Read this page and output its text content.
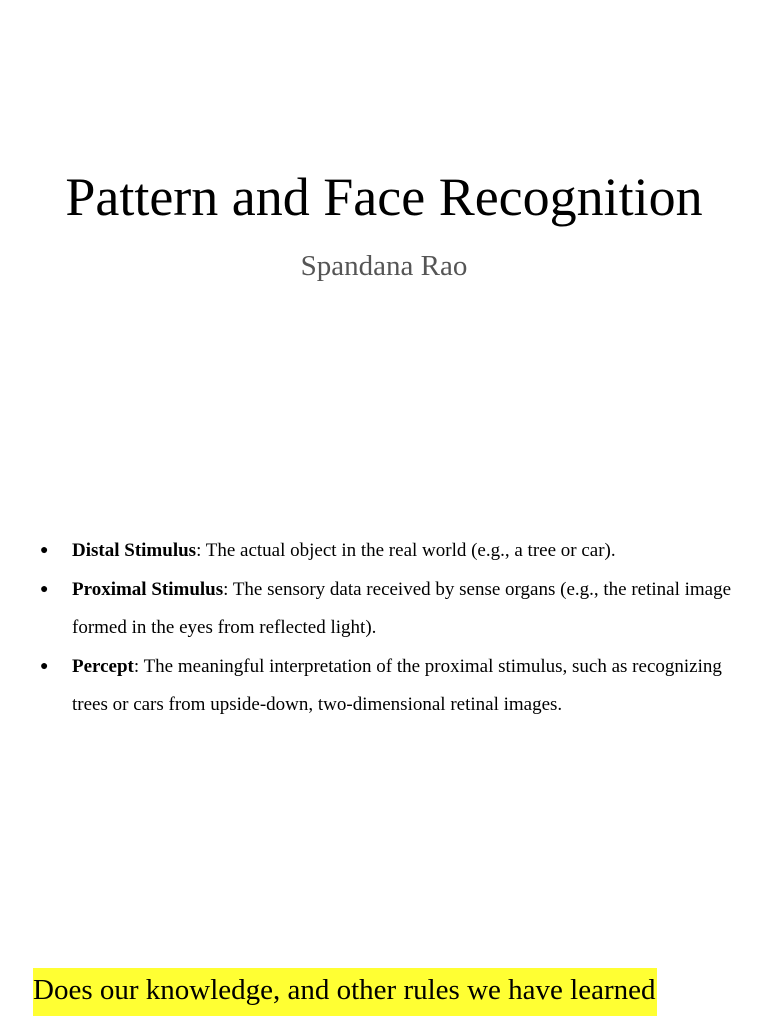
Pattern and Face Recognition
Spandana Rao
● Distal Stimulus: The actual object in the real world (e.g., a tree or car).
● Proximal Stimulus: The sensory data received by sense organs (e.g., the retinal image formed in the eyes from reflected light).
● Percept: The meaningful interpretation of the proximal stimulus, such as recognizing trees or cars from upside-down, two-dimensional retinal images.
Does our knowledge, and other rules we have learned
